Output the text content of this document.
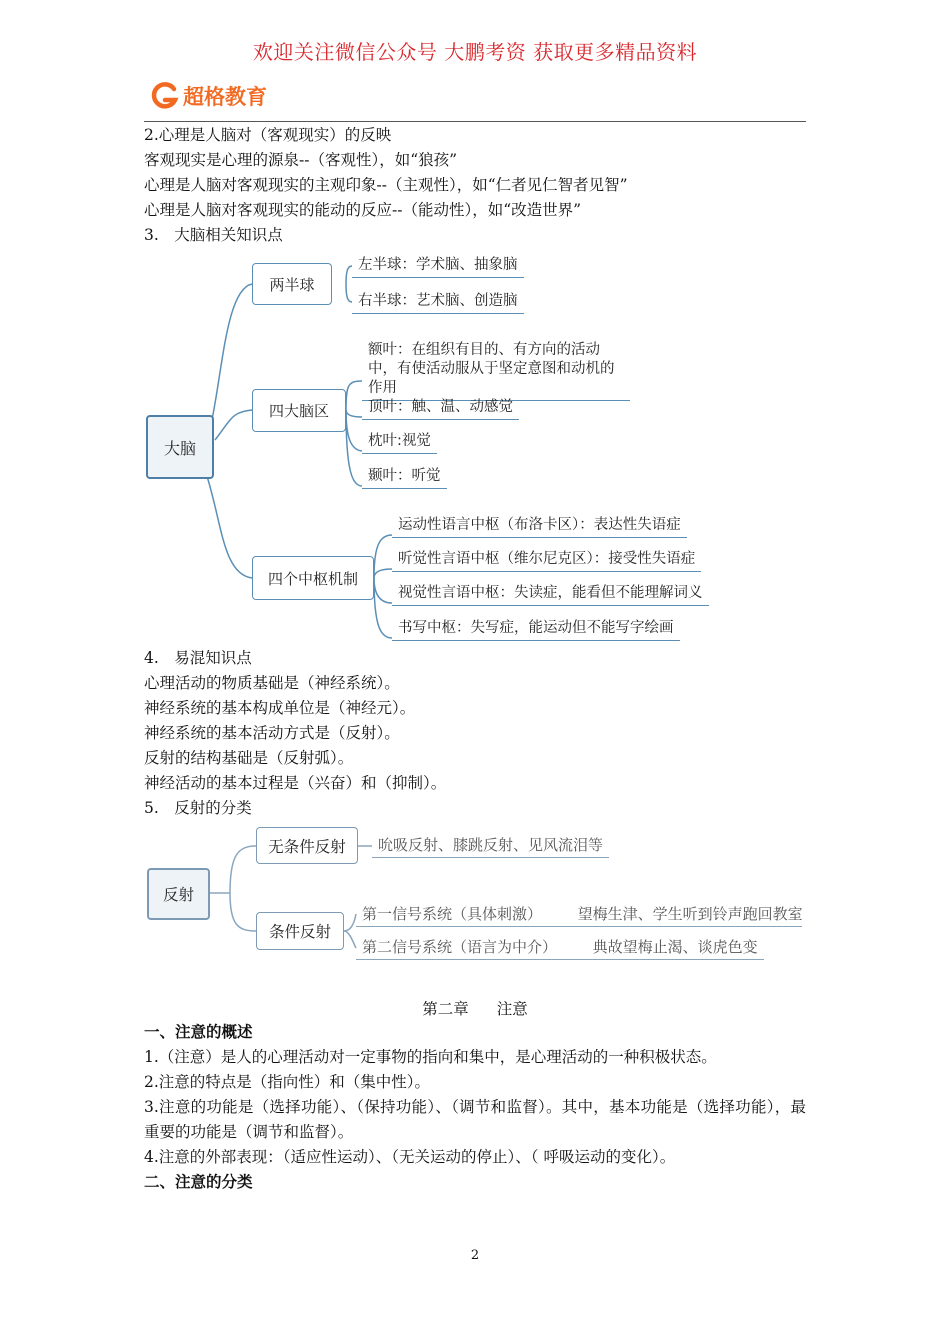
欢迎关注微信公众号 大鹏考资 获取更多精品资料
超格教育
2.心理是人脑对（客观现实）的反映
客观现实是心理的源泉--（客观性），如“狼孩”
心理是人脑对客观现实的主观印象--（主观性），如“仁者见仁智者见智”
心理是人脑对客观现实的能动的反应--（能动性），如“改造世界”
3.　大脑相关知识点
大脑
两半球
四大脑区
四个中枢机制
左半球：学术脑、抽象脑
右半球：艺术脑、创造脑
额叶：在组织有目的、有方向的活动中，有使活动服从于坚定意图和动机的作用
顶叶：触、温、动感觉
枕叶:视觉
颞叶：听觉
运动性语言中枢（布洛卡区）：表达性失语症
听觉性言语中枢（维尔尼克区）：接受性失语症
视觉性言语中枢：失读症，能看但不能理解词义
书写中枢：失写症，能运动但不能写字绘画
4.　易混知识点
心理活动的物质基础是（神经系统）。
神经系统的基本构成单位是（神经元）。
神经系统的基本活动方式是（反射）。
反射的结构基础是（反射弧）。
神经活动的基本过程是（兴奋）和（抑制）。
5.　反射的分类
反射
无条件反射
条件反射
吮吸反射、膝跳反射、见风流泪等
第一信号系统（具体刺激） 望梅生津、学生听到铃声跑回教室
第二信号系统（语言为中介） 典故望梅止渴、谈虎色变
第二章 注意
一、注意的概述
1.（注意）是人的心理活动对一定事物的指向和集中，是心理活动的一种积极状态。
2.注意的特点是（指向性）和（集中性）。
3.注意的功能是（选择功能）、（保持功能）、（调节和监督）。其中，基本功能是（选择功能），最重要的功能是（调节和监督）。
4.注意的外部表现：（适应性运动）、（无关运动的停止）、（ 呼吸运动的变化）。
二、注意的分类
2
